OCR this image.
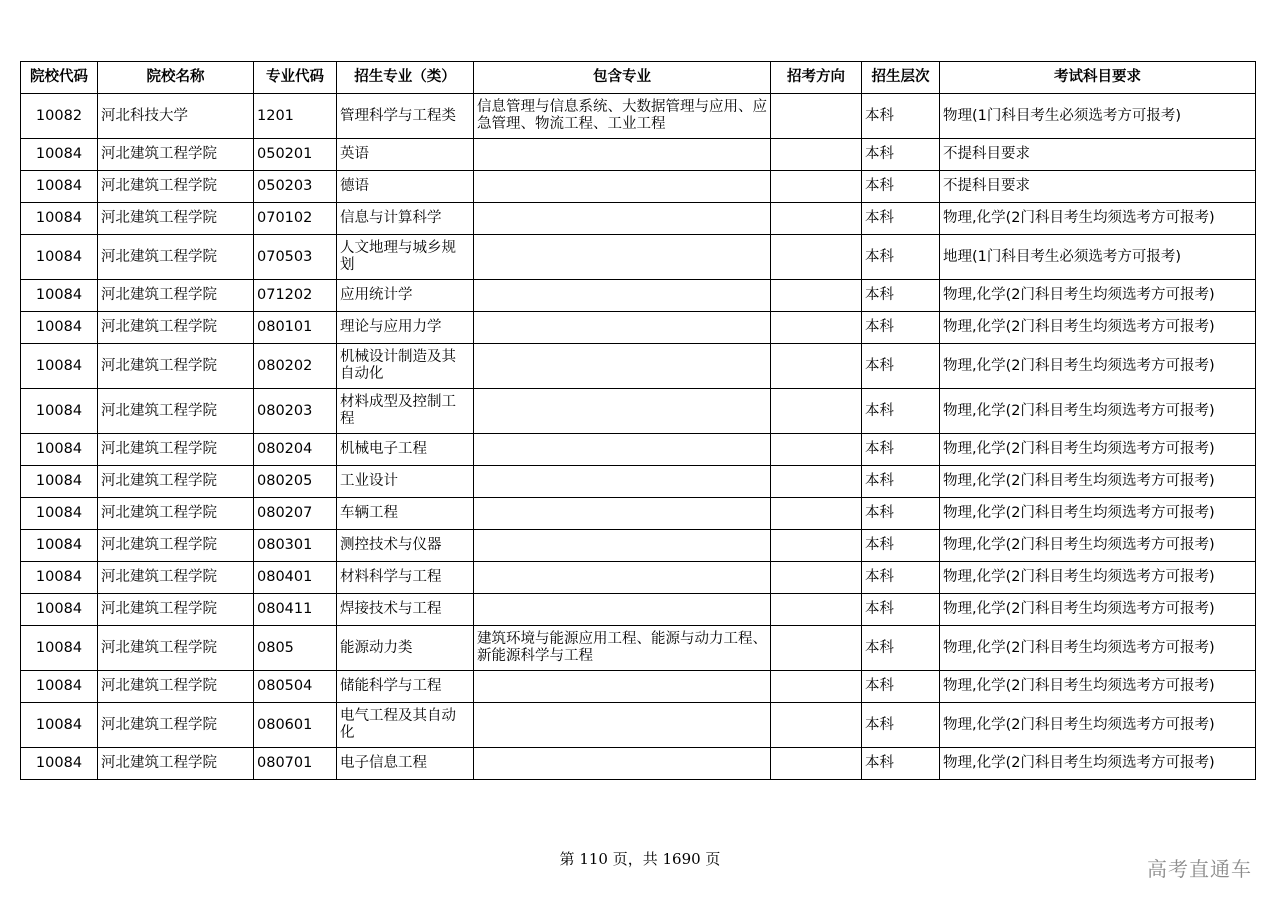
院校代码	院校名称	专业代码	招生专业（类）	包含专业	招考方向	招生层次	考试科目要求
10082	河北科技大学	1201	管理科学与工程类	信息管理与信息系统、大数据管理与应用、应急管理、物流工程、工业工程		本科	物理(1门科目考生必须选考方可报考)
10084	河北建筑工程学院	050201	英语			本科	不提科目要求
10084	河北建筑工程学院	050203	德语			本科	不提科目要求
10084	河北建筑工程学院	070102	信息与计算科学			本科	物理,化学(2门科目考生均须选考方可报考)
10084	河北建筑工程学院	070503	人文地理与城乡规划			本科	地理(1门科目考生必须选考方可报考)
10084	河北建筑工程学院	071202	应用统计学			本科	物理,化学(2门科目考生均须选考方可报考)
10084	河北建筑工程学院	080101	理论与应用力学			本科	物理,化学(2门科目考生均须选考方可报考)
10084	河北建筑工程学院	080202	机械设计制造及其自动化			本科	物理,化学(2门科目考生均须选考方可报考)
10084	河北建筑工程学院	080203	材料成型及控制工程			本科	物理,化学(2门科目考生均须选考方可报考)
10084	河北建筑工程学院	080204	机械电子工程			本科	物理,化学(2门科目考生均须选考方可报考)
10084	河北建筑工程学院	080205	工业设计			本科	物理,化学(2门科目考生均须选考方可报考)
10084	河北建筑工程学院	080207	车辆工程			本科	物理,化学(2门科目考生均须选考方可报考)
10084	河北建筑工程学院	080301	测控技术与仪器			本科	物理,化学(2门科目考生均须选考方可报考)
10084	河北建筑工程学院	080401	材料科学与工程			本科	物理,化学(2门科目考生均须选考方可报考)
10084	河北建筑工程学院	080411	焊接技术与工程			本科	物理,化学(2门科目考生均须选考方可报考)
10084	河北建筑工程学院	0805	能源动力类	建筑环境与能源应用工程、能源与动力工程、新能源科学与工程		本科	物理,化学(2门科目考生均须选考方可报考)
10084	河北建筑工程学院	080504	储能科学与工程			本科	物理,化学(2门科目考生均须选考方可报考)
10084	河北建筑工程学院	080601	电气工程及其自动化			本科	物理,化学(2门科目考生均须选考方可报考)
10084	河北建筑工程学院	080701	电子信息工程			本科	物理,化学(2门科目考生均须选考方可报考)
第 110 页，共 1690 页	高考直通车
